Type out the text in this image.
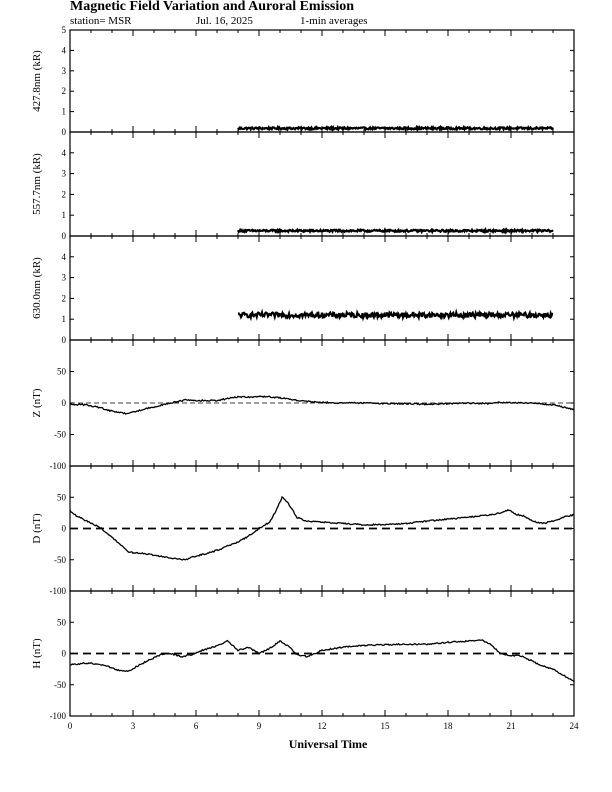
Magnetic Field Variation and Auroral Emission
station= MSR	Jul. 16, 2025	1-min averages
0
1
2
3
4
5
427.8nm (kR)
0
1
2
3
4
557.7nm (kR)
0
1
2
3
4
630.0nm (kR)
-100
-50
0
50
Z (nT)
-100
-50
0
50
D (nT)
-100
-50
0
50
H (nT)
0	3	6	9	12	15	18	21	24
Universal Time
